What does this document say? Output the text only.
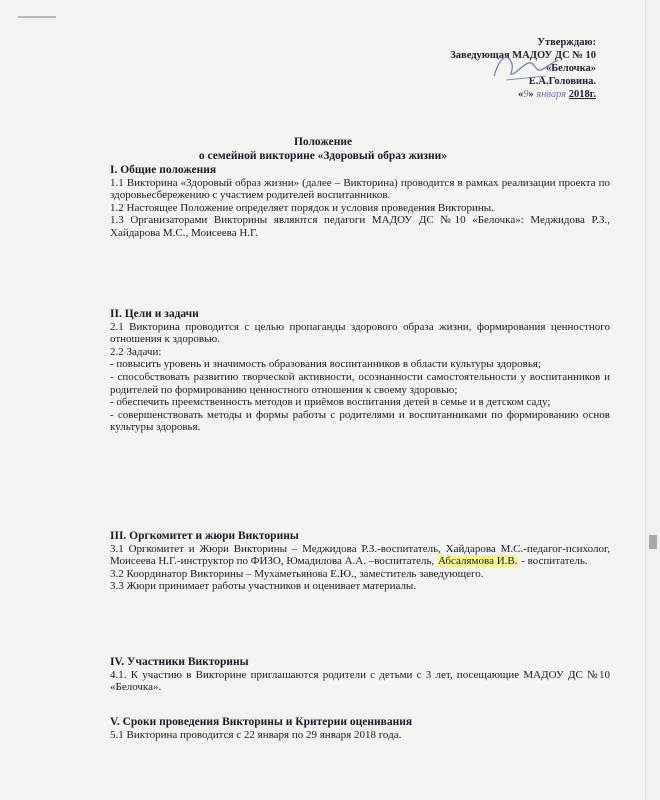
Утверждаю:
Заведующая МАДОУ ДС № 10
«Белочка»
Е.А.Головина.
«9» января 2018г.
Положение
о семейной викторине «Здоровый образ жизни»

I. Общие положения

1.1 Викторина «Здоровый образ жизни» (далее – Викторина) проводится в рамках реализации проекта по здоровьесбережению с участием родителей воспитанников.

1.2 Настоящее Положение определяет порядок и условия проведения Викторины.

1.3 Организаторами Викторины являются педагоги МАДОУ ДС №10 «Белочка»: Меджидова Р.З., Хайдарова М.С., Моисеева Н.Г.

II. Цели и задачи

2.1 Викторина проводится с целью пропаганды здорового образа жизни, формирования ценностного отношения к здоровью.

2.2 Задачи:

- повысить уровень и значимость образования воспитанников в области культуры здоровья;

- способствовать развитию творческой активности, осознанности самостоятельности у воспитанников и родителей по формированию ценностного отношения к своему здоровью;

- обеспечить преемственность методов и приёмов воспитания детей в семье и в детском саду;

- совершенствовать методы и формы работы с родителями и воспитанниками по формированию основ культуры здоровья.

III. Оргкомитет и жюри Викторины

3.1 Оргкомитет и Жюри Викторины – Меджидова Р.З.-воспитатель, Хайдарова М.С.-педагог-психолог, Моисеева Н.Г.-инструктор по ФИЗО, Юмадилова А.А. –воспитатель, Абсалямова И.В. - воспитатель.

3.2 Координатор Викторины – Мухаметьянова Е.Ю., заместитель заведующего.

3.3 Жюри принимает работы участников и оценивает материалы.

IV. Участники Викторины

4.1. К участию в Викторине приглашаются родители с детьми с 3 лет, посещающие МАДОУ ДС №10 «Белочка».

V. Сроки проведения Викторины и Критерии оценивания

5.1 Викторина проводится с 22 января по 29 января 2018 года.
